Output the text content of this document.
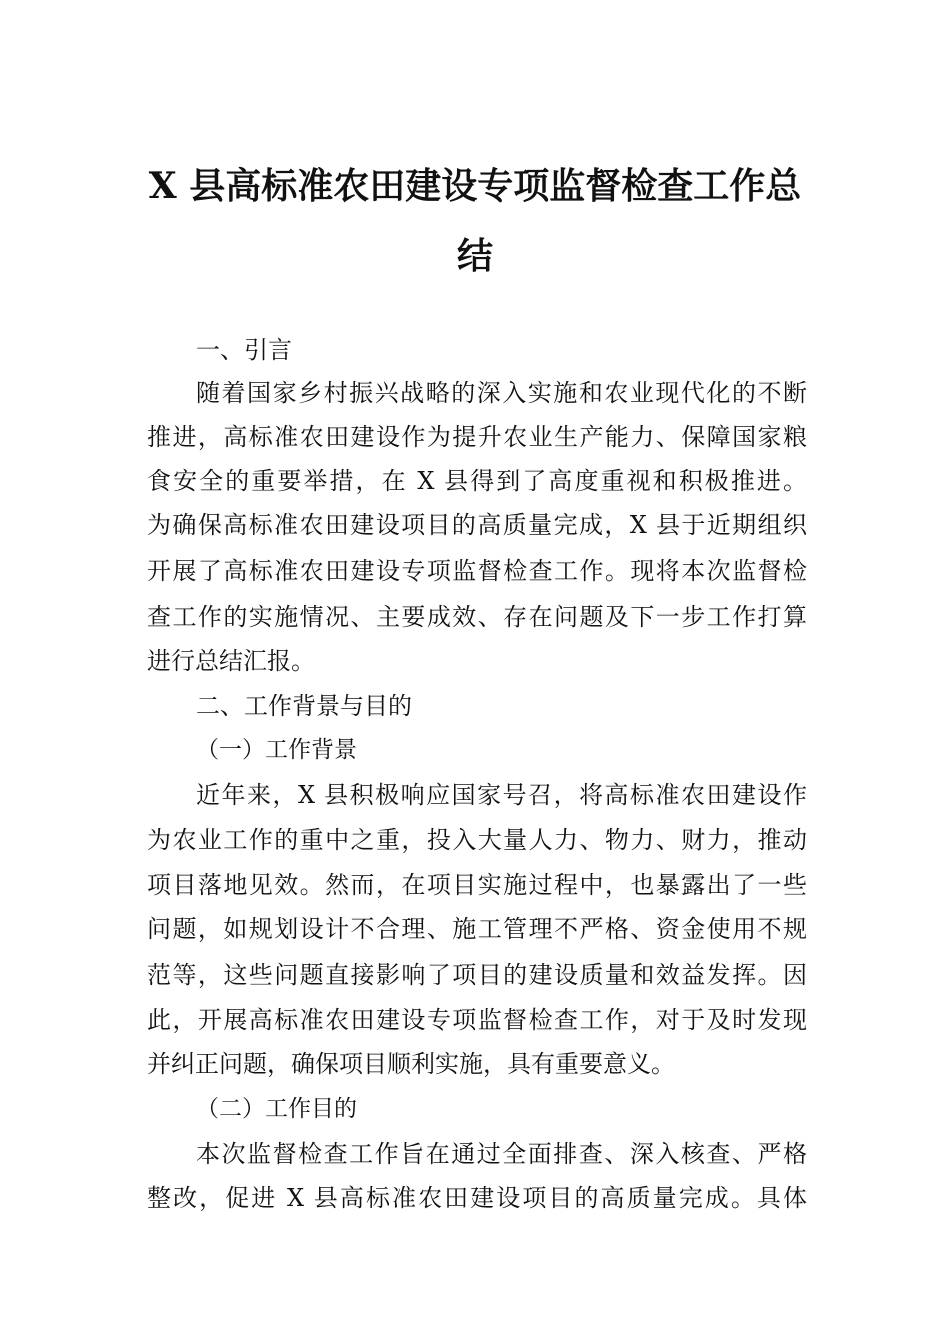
X 县高标准农田建设专项监督检查工作总
结
一、引言
随着国家乡村振兴战略的深入实施和农业现代化的不断
推进，高标准农田建设作为提升农业生产能力、保障国家粮
食安全的重要举措，在 X 县得到了高度重视和积极推进。
为确保高标准农田建设项目的高质量完成，X 县于近期组织
开展了高标准农田建设专项监督检查工作。现将本次监督检
查工作的实施情况、主要成效、存在问题及下一步工作打算
进行总结汇报。
二、工作背景与目的
（一）工作背景
近年来，X 县积极响应国家号召，将高标准农田建设作
为农业工作的重中之重，投入大量人力、物力、财力，推动
项目落地见效。然而，在项目实施过程中，也暴露出了一些
问题，如规划设计不合理、施工管理不严格、资金使用不规
范等，这些问题直接影响了项目的建设质量和效益发挥。因
此，开展高标准农田建设专项监督检查工作，对于及时发现
并纠正问题，确保项目顺利实施，具有重要意义。
（二）工作目的
本次监督检查工作旨在通过全面排查、深入核查、严格
整改，促进 X 县高标准农田建设项目的高质量完成。具体
